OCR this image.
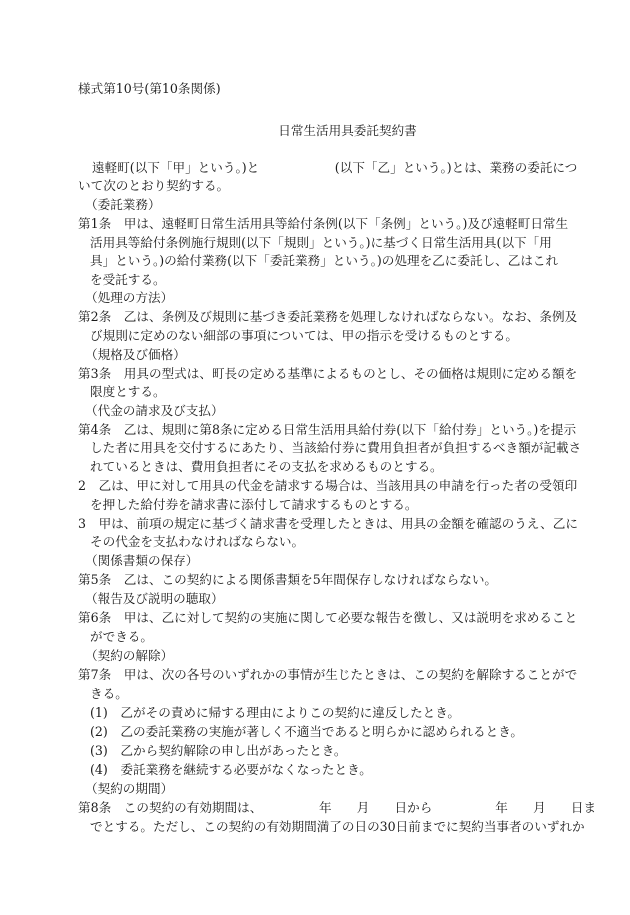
様式第10号(第10条関係)
日常生活用具委託契約書
遠軽町(以下「甲」という。)と　　　　　　(以下「乙」という。)とは、業務の委託につ
いて次のとおり契約する。
（委託業務）
第1条　甲は、遠軽町日常生活用具等給付条例(以下「条例」という。)及び遠軽町日常生
活用具等給付条例施行規則(以下「規則」という。)に基づく日常生活用具(以下「用
具」という。)の給付業務(以下「委託業務」という。)の処理を乙に委託し、乙はこれ
を受託する。
（処理の方法）
第2条　乙は、条例及び規則に基づき委託業務を処理しなければならない。なお、条例及
び規則に定めのない細部の事項については、甲の指示を受けるものとする。
（規格及び価格）
第3条　用具の型式は、町長の定める基準によるものとし、その価格は規則に定める額を
限度とする。
（代金の請求及び支払）
第4条　乙は、規則に第8条に定める日常生活用具給付券(以下「給付券」という。)を提示
した者に用具を交付するにあたり、当該給付券に費用負担者が負担するべき額が記載さ
れているときは、費用負担者にその支払を求めるものとする。
2　乙は、甲に対して用具の代金を請求する場合は、当該用具の申請を行った者の受領印
を押した給付券を請求書に添付して請求するものとする。
3　甲は、前項の規定に基づく請求書を受理したときは、用具の金額を確認のうえ、乙に
その代金を支払わなければならない。
（関係書類の保存）
第5条　乙は、この契約による関係書類を5年間保存しなければならない。
（報告及び説明の聴取）
第6条　甲は、乙に対して契約の実施に関して必要な報告を徴し、又は説明を求めること
ができる。
（契約の解除）
第7条　甲は、次の各号のいずれかの事情が生じたときは、この契約を解除することがで
きる。
(1)　乙がその責めに帰する理由によりこの契約に違反したとき。
(2)　乙の委託業務の実施が著しく不適当であると明らかに認められるとき。
(3)　乙から契約解除の申し出があったとき。
(4)　委託業務を継続する必要がなくなったとき。
（契約の期間）
第8条　この契約の有効期間は、　　　　　年　　月　　日から　　　　　年　　月　　日ま
でとする。ただし、この契約の有効期間満了の日の30日前までに契約当事者のいずれか
